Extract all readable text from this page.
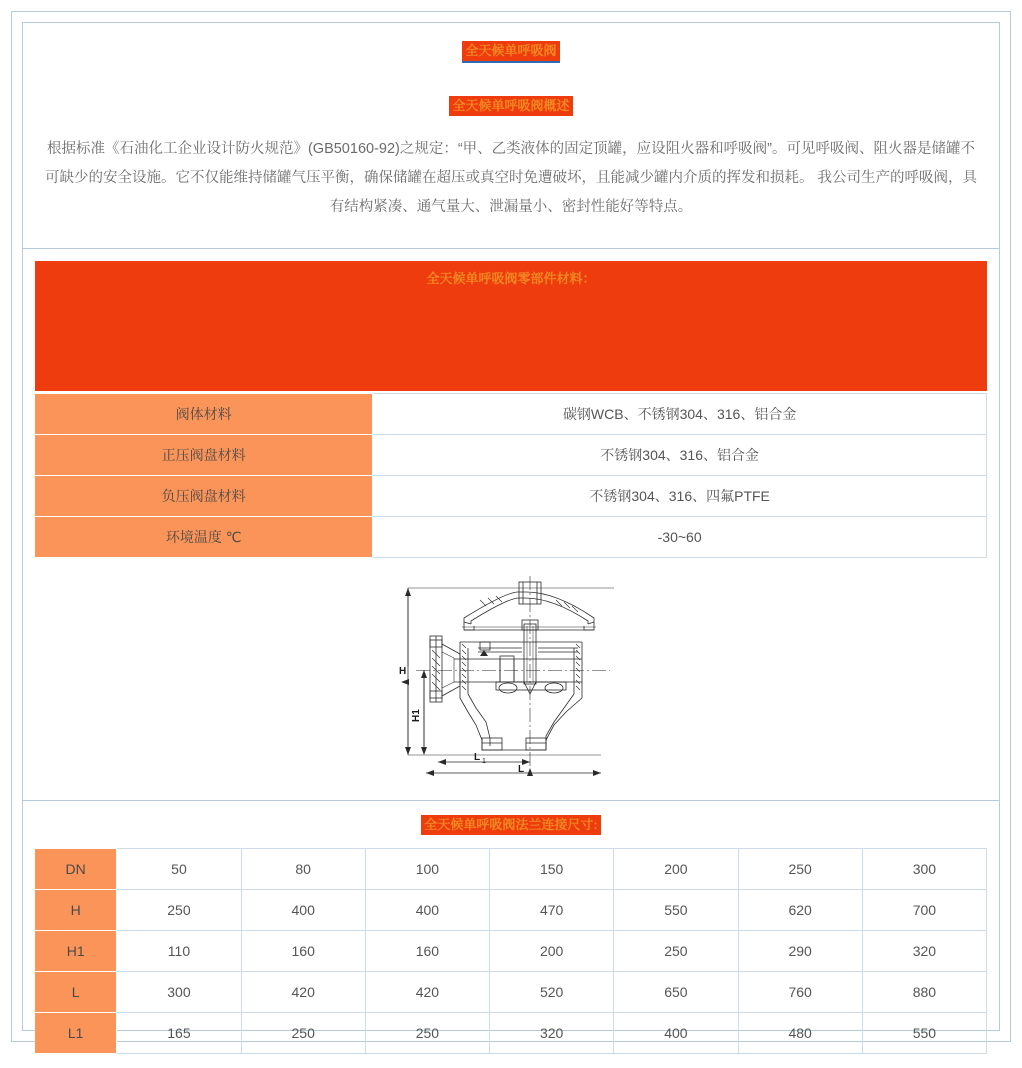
全天候单呼吸阀
全天候单呼吸阀概述

根据标准《石油化工企业设计防火规范》(GB50160-92)之规定：“甲、乙类液体的固定顶罐，应设阻火器和呼吸阀”。可见呼吸阀、阻火器是储罐不可缺少的安全设施。它不仅能维持储罐气压平衡，确保储罐在超压或真空时免遭破坏，且能减少罐内介质的挥发和损耗。 我公司生产的呼吸阀，具有结构紧凑、通气量大、泄漏量小、密封性能好等特点。

全天候单呼吸阀零部件材料：
阀体材料	碳钢WCB、不锈钢304、316、铝合金
正压阀盘材料	不锈钢304、316、铝合金
负压阀盘材料	不锈钢304、316、四氟PTFE
环境温度 ℃	-30~60
H
H1
L 1
L
全天候单呼吸阀法兰连接尺寸:
DN	50	80	100	150	200	250	300
H	250	400	400	470	550	620	700
H1	110	160	160	200	250	290	320
L	300	420	420	520	650	760	880
L1	165	250	250	320	400	480	550
